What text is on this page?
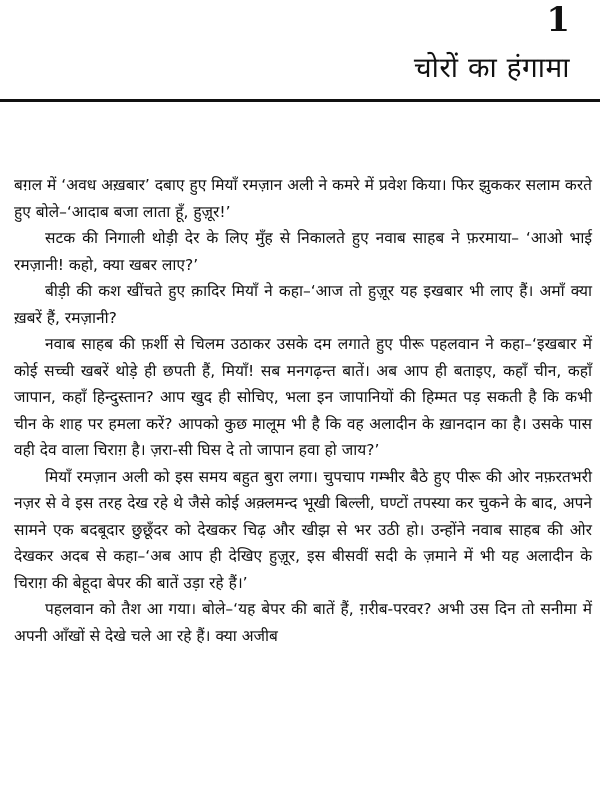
1
चोरों का हंगामा

बग़ल में ‘अवध अख़बार’ दबाए हुए मियाँ रमज़ान अली ने कमरे में प्रवेश किया। फिर झुककर सलाम करते हुए बोले–‘आदाब बजा लाता हूँ, हुज़ूर!’

सटक की निगाली थोड़ी देर के लिए मुँह से निकालते हुए नवाब साहब ने फ़रमाया– ‘आओ भाई रमज़ानी! कहो, क्या खबर लाए?’

बीड़ी की कश खींचते हुए क़ादिर मियाँ ने कहा–‘आज तो हुज़ूर यह इखबार भी लाए हैं। अमाँ क्या ख़बरें हैं, रमज़ानी?

नवाब साहब की फ़र्शी से चिलम उठाकर उसके दम लगाते हुए पीरू पहलवान ने कहा–‘इखबार में कोई सच्ची खबरें थोड़े ही छपती हैं, मियाँ! सब मनगढ़न्त बातें। अब आप ही बताइए, कहाँ चीन, कहाँ जापान, कहाँ हिन्दुस्तान? आप खुद ही सोचिए, भला इन जापानियों की हिम्मत पड़ सकती है कि कभी चीन के शाह पर हमला करें? आपको कुछ मालूम भी है कि वह अलादीन के ख़ानदान का है। उसके पास वही देव वाला चिराग़ है। ज़रा-सी घिस दे तो जापान हवा हो जाय?’

मियाँ रमज़ान अली को इस समय बहुत बुरा लगा। चुपचाप गम्भीर बैठे हुए पीरू की ओर नफ़रतभरी नज़र से वे इस तरह देख रहे थे जैसे कोई अक़्लमन्द भूखी बिल्ली, घण्टों तपस्या कर चुकने के बाद, अपने सामने एक बदबूदार छुछूँदर को देखकर चिढ़ और खीझ से भर उठी हो। उन्होंने नवाब साहब की ओर देखकर अदब से कहा–‘अब आप ही देखिए हुज़ूर, इस बीसवीं सदी के ज़माने में भी यह अलादीन के चिराग़ की बेहूदा बेपर की बातें उड़ा रहे हैं।’

पहलवान को तैश आ गया। बोले–‘यह बेपर की बातें हैं, ग़रीब-परवर? अभी उस दिन तो सनीमा में अपनी आँखों से देखे चले आ रहे हैं। क्या अजीब
